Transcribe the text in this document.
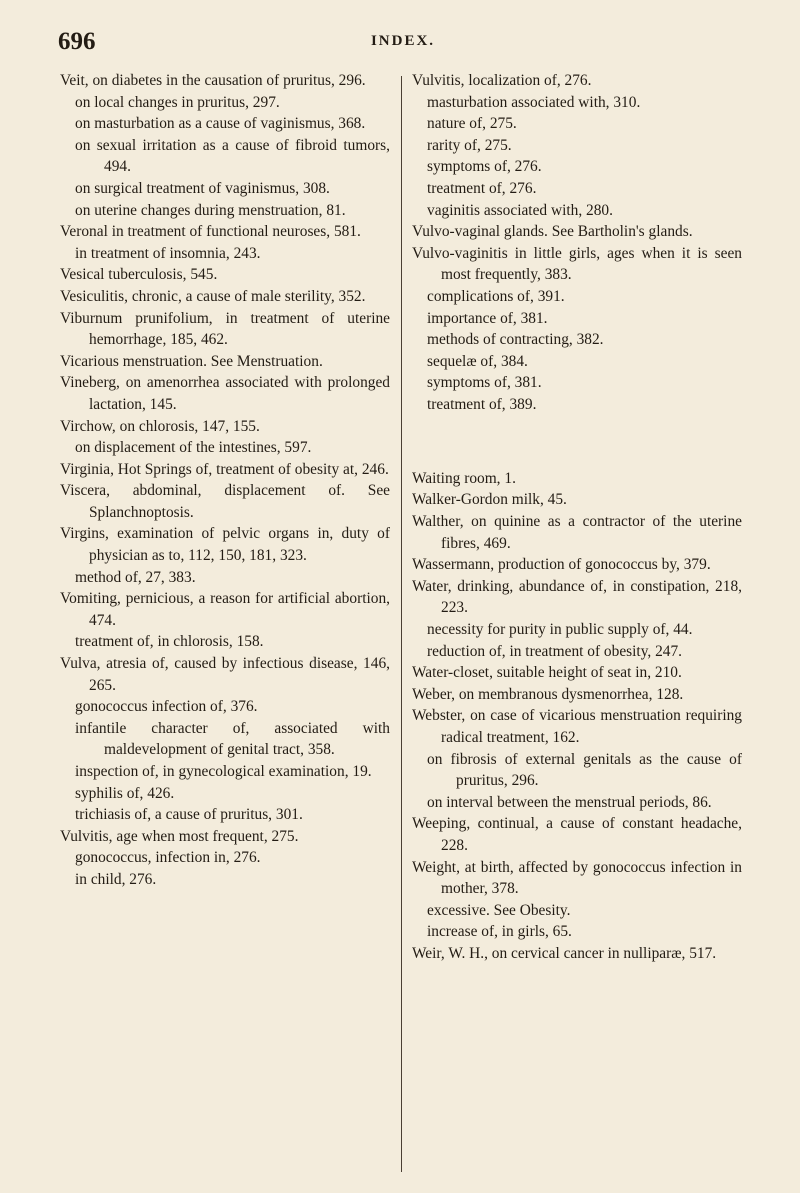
696	INDEX.

Veit, on diabetes in the causation of pruritus, 296.

on local changes in pruritus, 297.

on masturbation as a cause of vaginismus, 368.

on sexual irritation as a cause of fibroid tumors, 494.

on surgical treatment of vaginismus, 308.

on uterine changes during menstruation, 81.

Veronal in treatment of functional neuroses, 581.

in treatment of insomnia, 243.

Vesical tuberculosis, 545.

Vesiculitis, chronic, a cause of male sterility, 352.

Viburnum prunifolium, in treatment of uterine hemorrhage, 185, 462.

Vicarious menstruation. See Menstruation.

Vineberg, on amenorrhea associated with prolonged lactation, 145.

Virchow, on chlorosis, 147, 155.

on displacement of the intestines, 597.

Virginia, Hot Springs of, treatment of obesity at, 246.

Viscera, abdominal, displacement of. See Splanchnoptosis.

Virgins, examination of pelvic organs in, duty of physician as to, 112, 150, 181, 323.

method of, 27, 383.

Vomiting, pernicious, a reason for artificial abortion, 474.

treatment of, in chlorosis, 158.

Vulva, atresia of, caused by infectious disease, 146, 265.

gonococcus infection of, 376.

infantile character of, associated with maldevelopment of genital tract, 358.

inspection of, in gynecological examination, 19.

syphilis of, 426.

trichiasis of, a cause of pruritus, 301.

Vulvitis, age when most frequent, 275.

gonococcus, infection in, 276.

in child, 276.

Vulvitis, localization of, 276.

masturbation associated with, 310.

nature of, 275.

rarity of, 275.

symptoms of, 276.

treatment of, 276.

vaginitis associated with, 280.

Vulvo-vaginal glands. See Bartholin's glands.

Vulvo-vaginitis in little girls, ages when it is seen most frequently, 383.

complications of, 391.

importance of, 381.

methods of contracting, 382.

sequelæ of, 384.

symptoms of, 381.

treatment of, 389.

Waiting room, 1.

Walker-Gordon milk, 45.

Walther, on quinine as a contractor of the uterine fibres, 469.

Wassermann, production of gonococcus by, 379.

Water, drinking, abundance of, in constipation, 218, 223.

necessity for purity in public supply of, 44.

reduction of, in treatment of obesity, 247.

Water-closet, suitable height of seat in, 210.

Weber, on membranous dysmenorrhea, 128.

Webster, on case of vicarious menstruation requiring radical treatment, 162.

on fibrosis of external genitals as the cause of pruritus, 296.

on interval between the menstrual periods, 86.

Weeping, continual, a cause of constant headache, 228.

Weight, at birth, affected by gonococcus infection in mother, 378.

excessive. See Obesity.

increase of, in girls, 65.

Weir, W. H., on cervical cancer in nulliparæ, 517.
